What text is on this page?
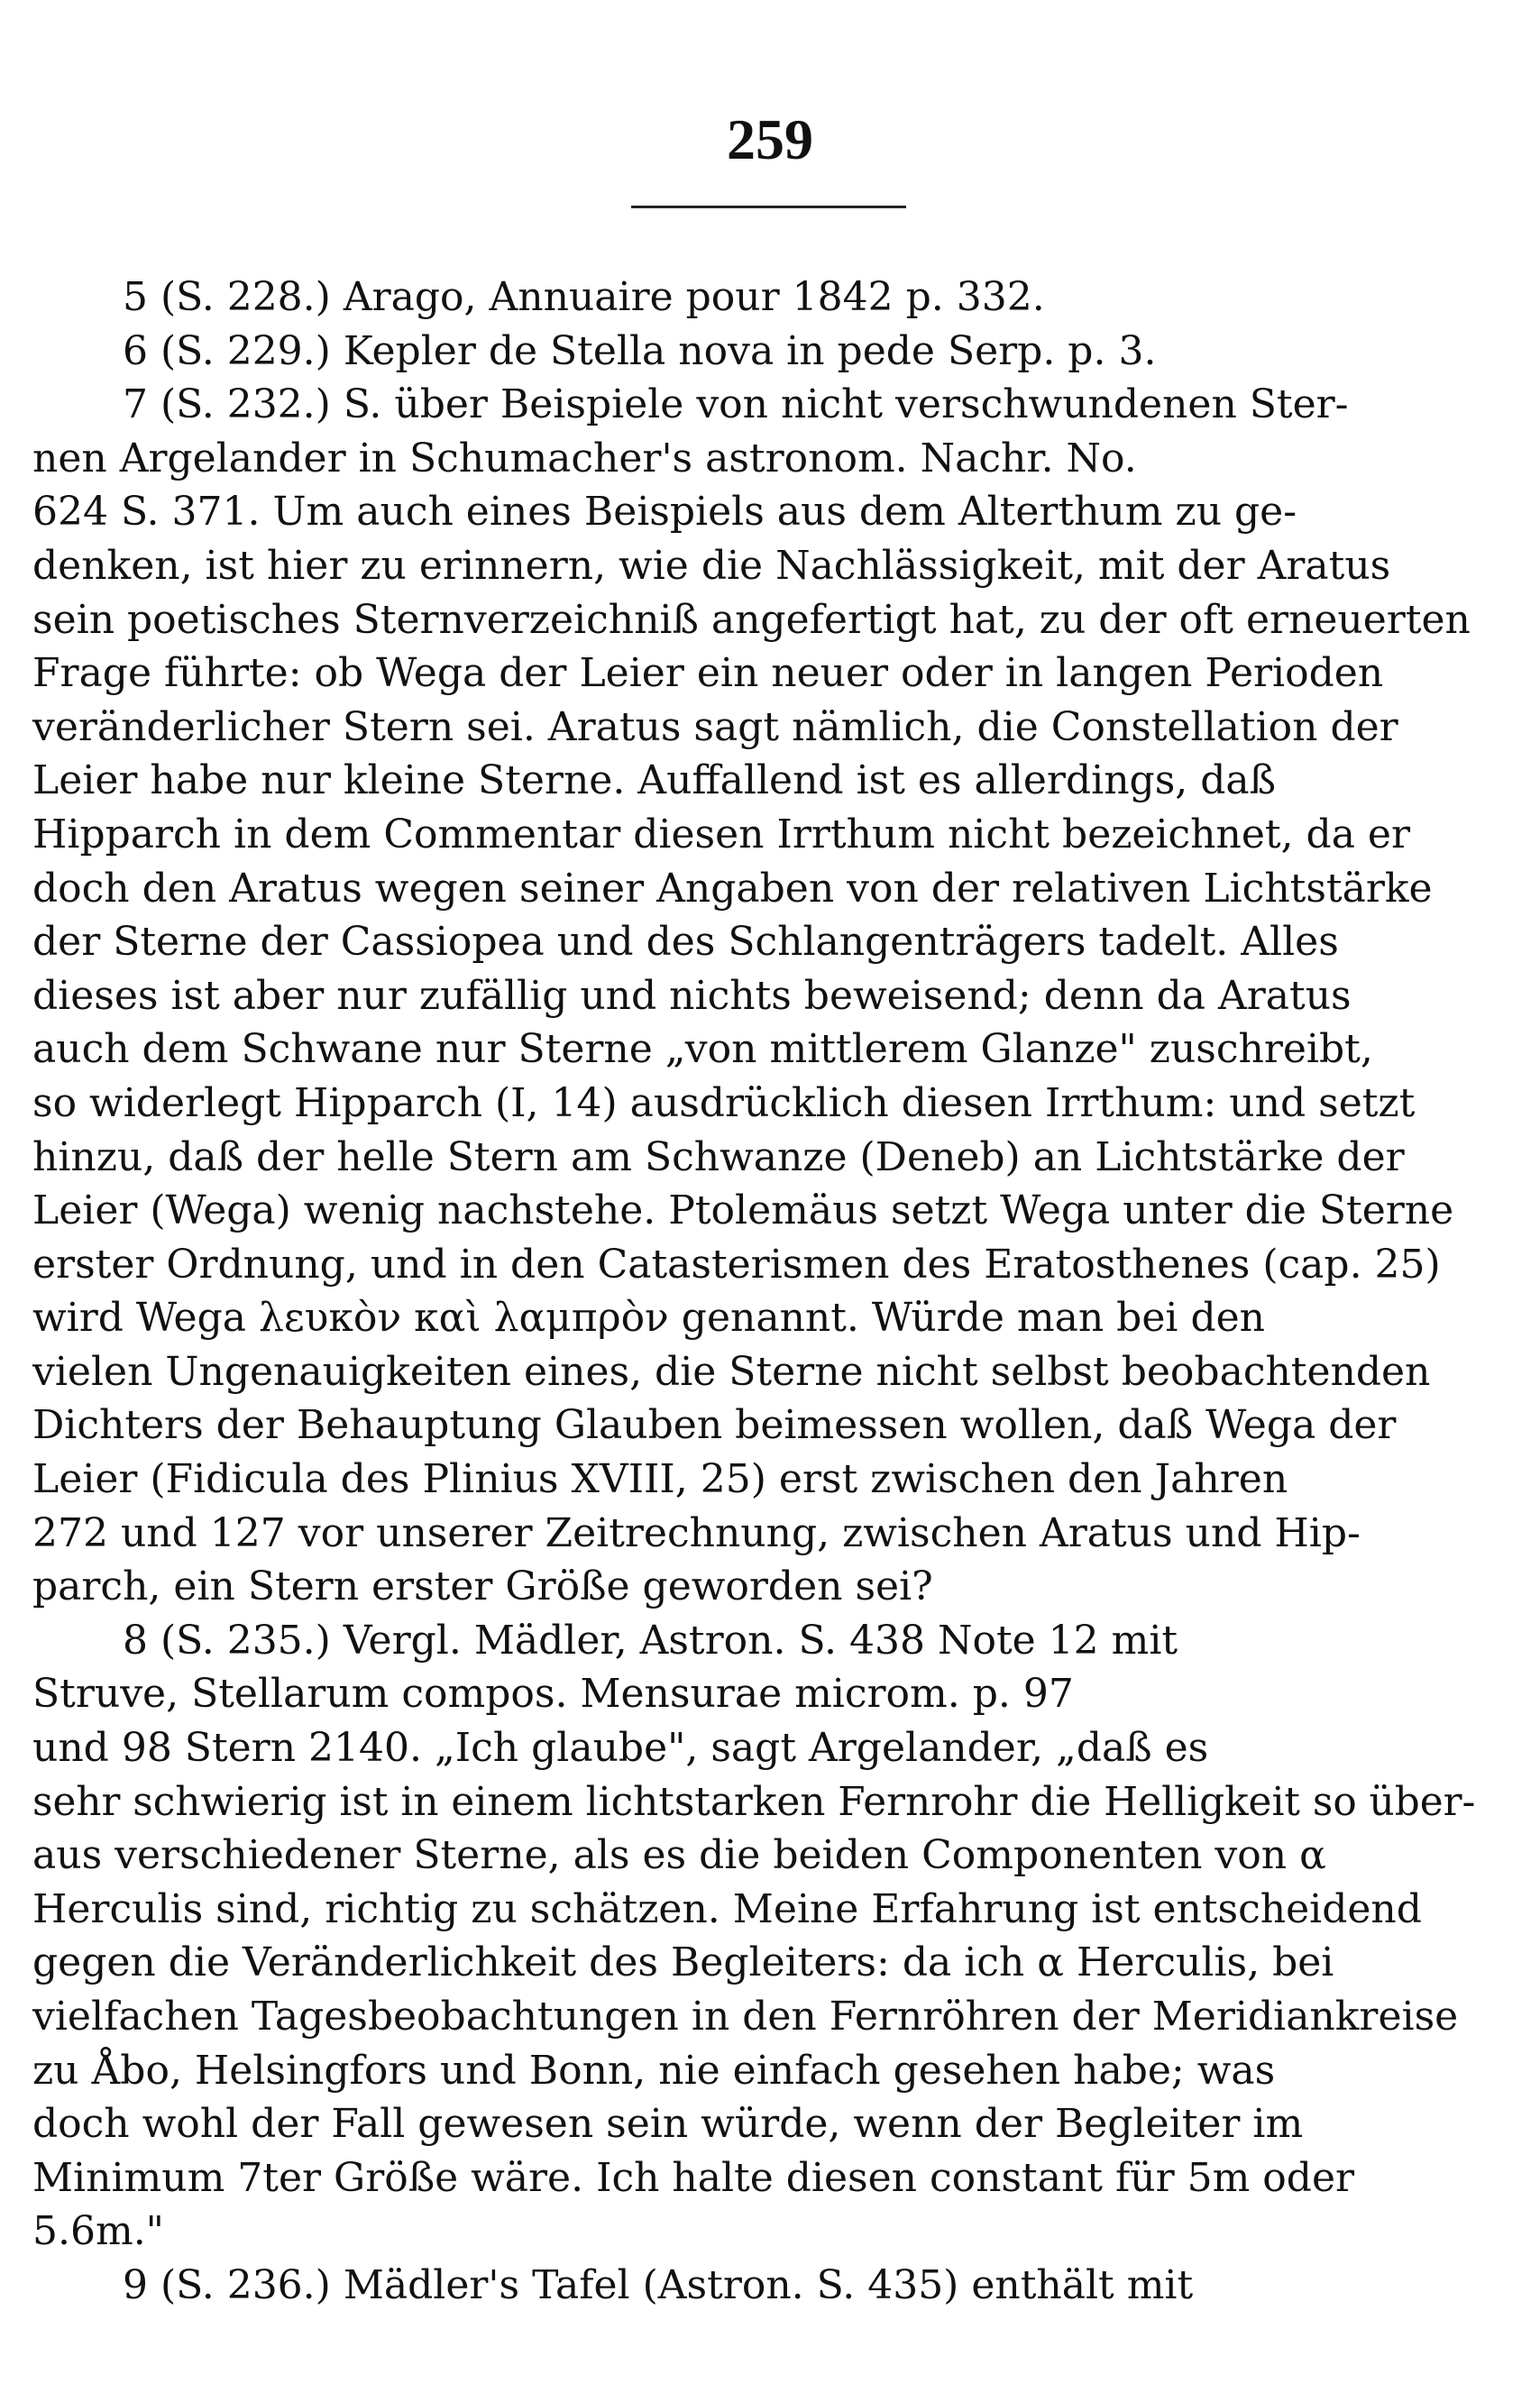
259
5 (S. 228.) Arago, Annuaire pour 1842 p. 332.
6 (S. 229.) Kepler de Stella nova in pede Serp. p. 3.
7 (S. 232.) S. über Beispiele von nicht verschwundenen Ster-
nen Argelander in Schumacher's astronom. Nachr. No.
624 S. 371. Um auch eines Beispiels aus dem Alterthum zu ge-
denken, ist hier zu erinnern, wie die Nachlässigkeit, mit der Aratus
sein poetisches Sternverzeichniß angefertigt hat, zu der oft erneuerten
Frage führte: ob Wega der Leier ein neuer oder in langen Perioden
veränderlicher Stern sei. Aratus sagt nämlich, die Constellation der
Leier habe nur kleine Sterne. Auffallend ist es allerdings, daß
Hipparch in dem Commentar diesen Irrthum nicht bezeichnet, da er
doch den Aratus wegen seiner Angaben von der relativen Lichtstärke
der Sterne der Cassiopea und des Schlangenträgers tadelt. Alles
dieses ist aber nur zufällig und nichts beweisend; denn da Aratus
auch dem Schwane nur Sterne „von mittlerem Glanze" zuschreibt,
so widerlegt Hipparch (I, 14) ausdrücklich diesen Irrthum: und setzt
hinzu, daß der helle Stern am Schwanze (Deneb) an Lichtstärke der
Leier (Wega) wenig nachstehe. Ptolemäus setzt Wega unter die Sterne
erster Ordnung, und in den Catasterismen des Eratosthenes (cap. 25)
wird Wega λευκὸν καὶ λαμπρὸν genannt. Würde man bei den
vielen Ungenauigkeiten eines, die Sterne nicht selbst beobachtenden
Dichters der Behauptung Glauben beimessen wollen, daß Wega der
Leier (Fidicula des Plinius XVIII, 25) erst zwischen den Jahren
272 und 127 vor unserer Zeitrechnung, zwischen Aratus und Hip-
parch, ein Stern erster Größe geworden sei?
8 (S. 235.) Vergl. Mädler, Astron. S. 438 Note 12 mit
Struve, Stellarum compos. Mensurae microm. p. 97
und 98 Stern 2140. „Ich glaube", sagt Argelander, „daß es
sehr schwierig ist in einem lichtstarken Fernrohr die Helligkeit so über-
aus verschiedener Sterne, als es die beiden Componenten von α
Herculis sind, richtig zu schätzen. Meine Erfahrung ist entscheidend
gegen die Veränderlichkeit des Begleiters: da ich α Herculis, bei
vielfachen Tagesbeobachtungen in den Fernröhren der Meridiankreise
zu Åbo, Helsingfors und Bonn, nie einfach gesehen habe; was
doch wohl der Fall gewesen sein würde, wenn der Begleiter im
Minimum 7ter Größe wäre. Ich halte diesen constant für 5m oder
5.6m."
9 (S. 236.) Mädler's Tafel (Astron. S. 435) enthält mit
